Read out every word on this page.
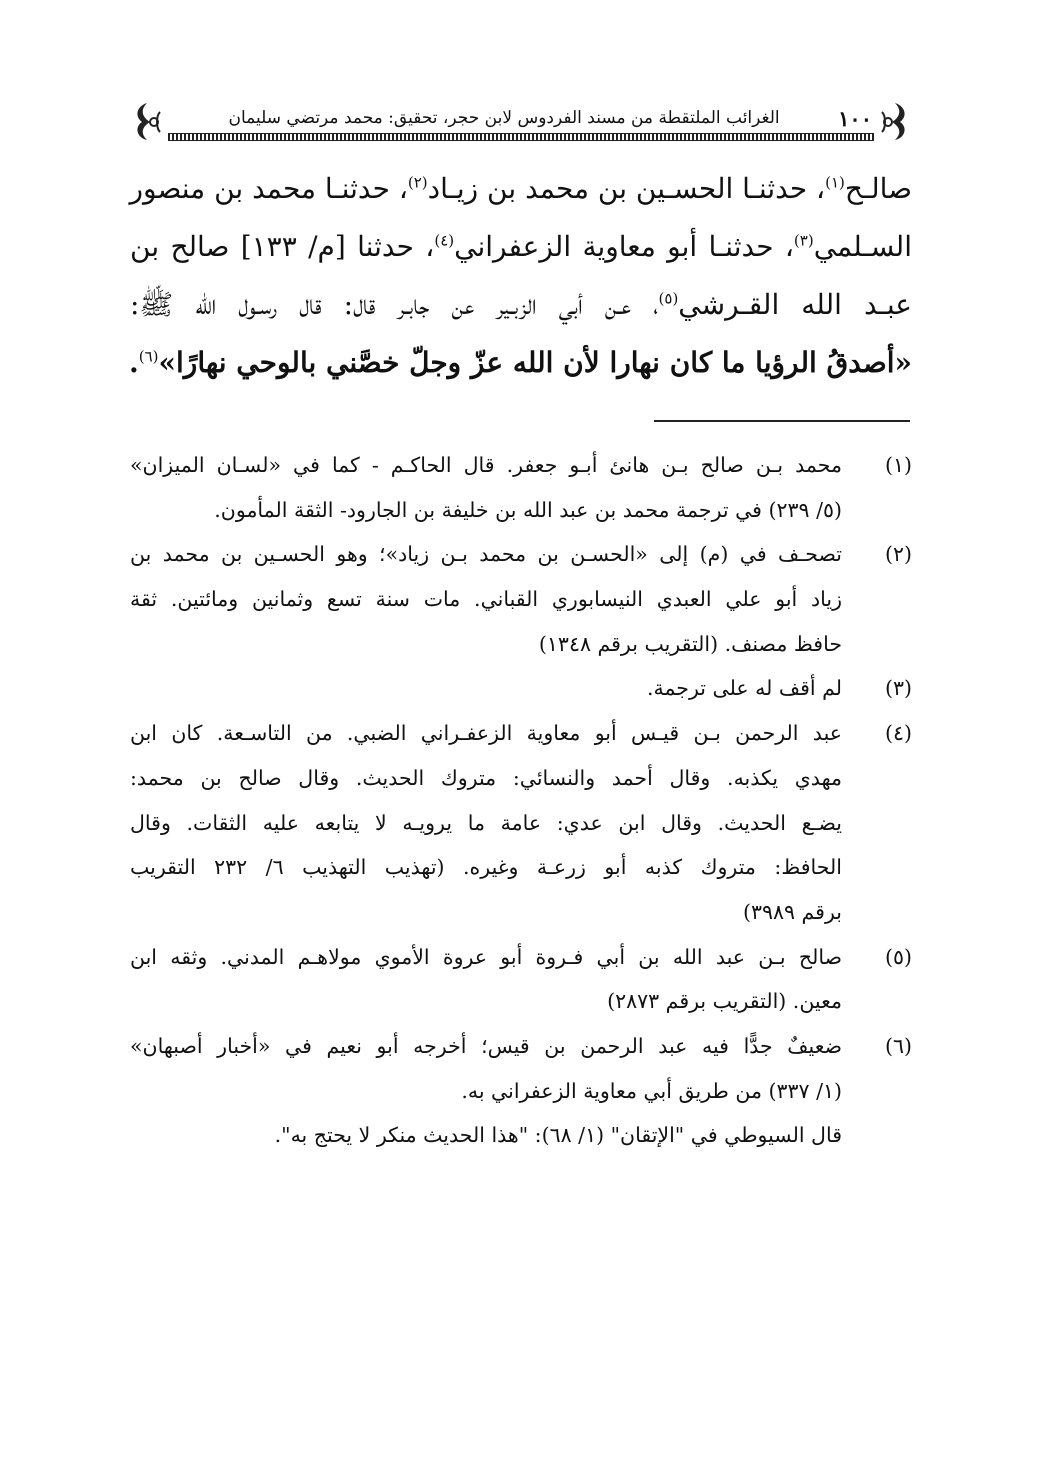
١٠٠
الغرائب الملتقطة من مسند الفردوس لابن حجر، تحقيق: محمد مرتضي سليمان
صالـح$^{(١)}$، حدثنـا الحسـين بن محمد بن زيـاد$^{(٢)}$، حدثنـا محمد بن منصور
السـلمي$^{(٣)}$، حدثنـا أبو معاوية الزعفراني$^{(٤)}$، حدثنا [م/ ١٣٣] صالح بن
عبـد الله القـرشي$^{(٥)}$، عـن أبي الزبـير عن جابـر قال: قال رسـول الله ﷺ:
«أصدقُ الرؤيا ما كان نهارا لأن الله عزّ وجلّ خصَّني بالوحي نهارًا»$^{(٦)}$.
(١)
محمد بـن صالح بـن هانئ أبـو جعفر. قال الحاكـم - كما في «لسـان الميزان»
(٥/ ٢٣٩) في ترجمة محمد بن عبد الله بن خليفة بن الجارود- الثقة المأمون.
(٢)
تصحـف في (م) إلى «الحسـن بن محمد بـن زياد»؛ وهو الحسـين بن محمد بن
زياد أبو علي العبدي النيسابوري القباني. مات سنة تسع وثمانين ومائتين. ثقة
حافظ مصنف. (التقريب برقم ١٣٤٨)
(٣)
لم أقف له على ترجمة.
(٤)
عبد الرحمن بـن قيـس أبو معاوية الزعفـراني الضبي. من التاسـعة. كان ابن
مهدي يكذبه. وقال أحمد والنسائي: متروك الحديث. وقال صالح بن محمد:
يضـع الحديث. وقال ابن عدي: عامة ما يرويـه لا يتابعه عليه الثقات. وقال
الحافظ: متروك كذبه أبو زرعـة وغيره. (تهذيب التهذيب ٦/ ٢٣٢ التقريب
برقم ٣٩٨٩)
(٥)
صالح بـن عبد الله بن أبي فـروة أبو عروة الأموي مولاهـم المدني. وثقه ابن
معين. (التقريب برقم ٢٨٧٣)
(٦)
ضعيفٌ جدًّا فيه عبد الرحمن بن قيس؛ أخرجه أبو نعيم في «أخبار أصبهان»
(١/ ٣٣٧) من طريق أبي معاوية الزعفراني به.
قال السيوطي في "الإتقان" (١/ ٦٨): "هذا الحديث منكر لا يحتج به".
